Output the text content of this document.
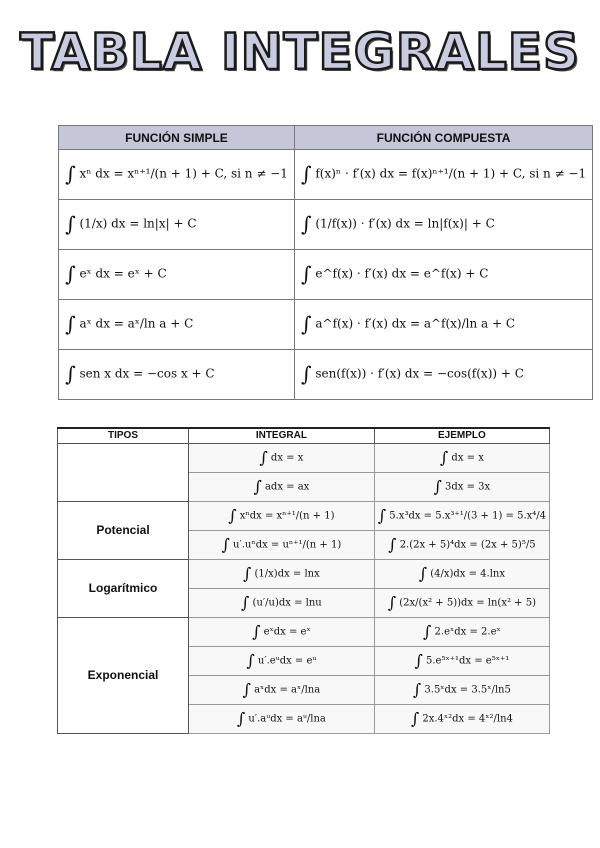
TABLA INTEGRALES
FUNCIÓN SIMPLE	FUNCIÓN COMPUESTA
∫ xⁿ dx = xⁿ⁺¹/(n + 1) + C, si n ≠ −1	∫ f(x)ⁿ · f′(x) dx = f(x)ⁿ⁺¹/(n + 1) + C, si n ≠ −1
∫ (1/x) dx = ln|x| + C	∫ (1/f(x)) · f′(x) dx = ln|f(x)| + C
∫ eˣ dx = eˣ + C	∫ e^f(x) · f′(x) dx = e^f(x) + C
∫ aˣ dx = aˣ/ln a + C	∫ a^f(x) · f′(x) dx = a^f(x)/ln a + C
∫ sen x dx = −cos x + C	∫ sen(f(x)) · f′(x) dx = −cos(f(x)) + C
TIPOS	INTEGRAL	EJEMPLO
	∫ dx = x	∫ dx = x
	∫ adx = ax	∫ 3dx = 3x
Potencial	∫ xⁿdx = xⁿ⁺¹/(n + 1)	∫ 5.x³dx = 5.x³⁺¹/(3 + 1) = 5.x⁴/4
	∫ u′.uⁿdx = uⁿ⁺¹/(n + 1)	∫ 2.(2x + 5)⁴dx = (2x + 5)⁵/5
Logarítmico	∫ (1/x)dx = lnx	∫ (4/x)dx = 4.lnx
	∫ (u′/u)dx = lnu	∫ (2x/(x² + 5))dx = ln(x² + 5)
Exponencial	∫ eˣdx = eˣ	∫ 2.eˣdx = 2.eˣ
	∫ u′.eᵘdx = eᵘ	∫ 5.e⁵ˣ⁺¹dx = e⁵ˣ⁺¹
	∫ aˣdx = aˣ/lna	∫ 3.5ˣdx = 3.5ˣ/ln5
	∫ u′.aᵘdx = aᵘ/lna	∫ 2x.4ˣ²dx = 4ˣ²/ln4
